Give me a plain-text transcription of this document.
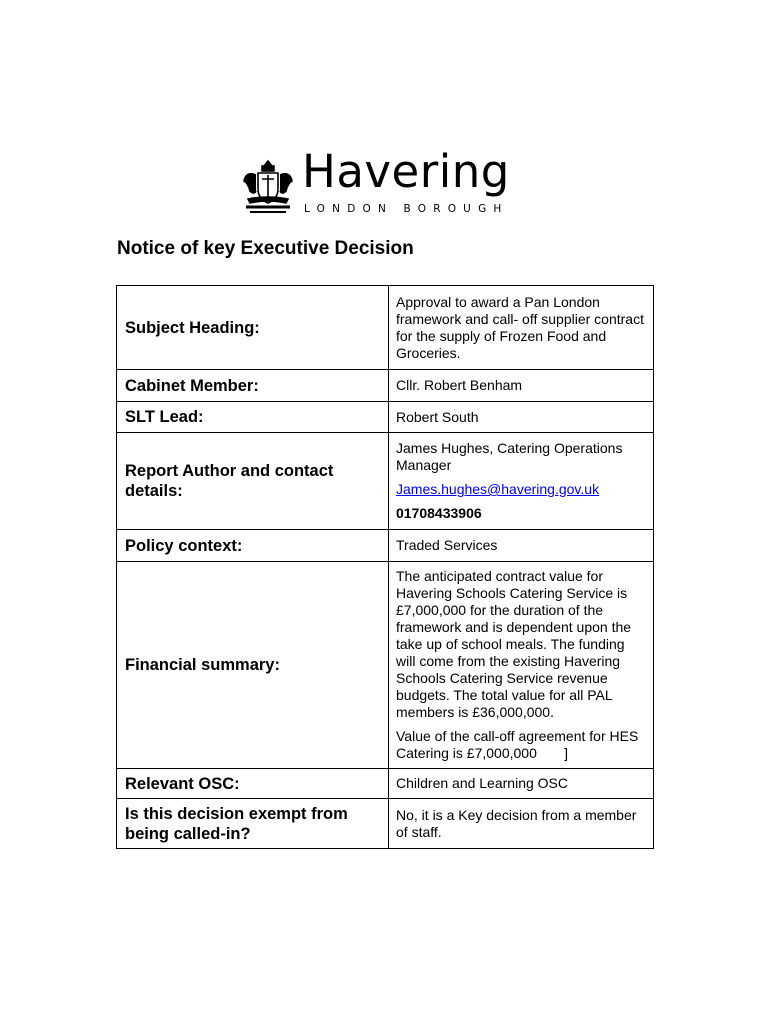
Havering
LONDON BOROUGH
Notice of key Executive Decision
Subject Heading:	Approval to award a Pan London framework and call- off supplier contract for the supply of Frozen Food and Groceries.
Cabinet Member:	Cllr. Robert Benham
SLT Lead:	Robert South
Report Author and contact details:	James Hughes, Catering Operations Manager

James.hughes@havering.gov.uk

01708433906

Policy context:	Traded Services
Financial summary:	The anticipated contract value for Havering Schools Catering Service is £7,000,000 for the duration of the framework and is dependent upon the take up of school meals. The funding will come from the existing Havering Schools Catering Service revenue budgets. The total value for all PAL members is £36,000,000.

Value of the call-off agreement for HES Catering is £7,000,000       ]

Relevant OSC:	Children and Learning OSC
Is this decision exempt from being called-in?	No, it is a Key decision from a member of staff.
